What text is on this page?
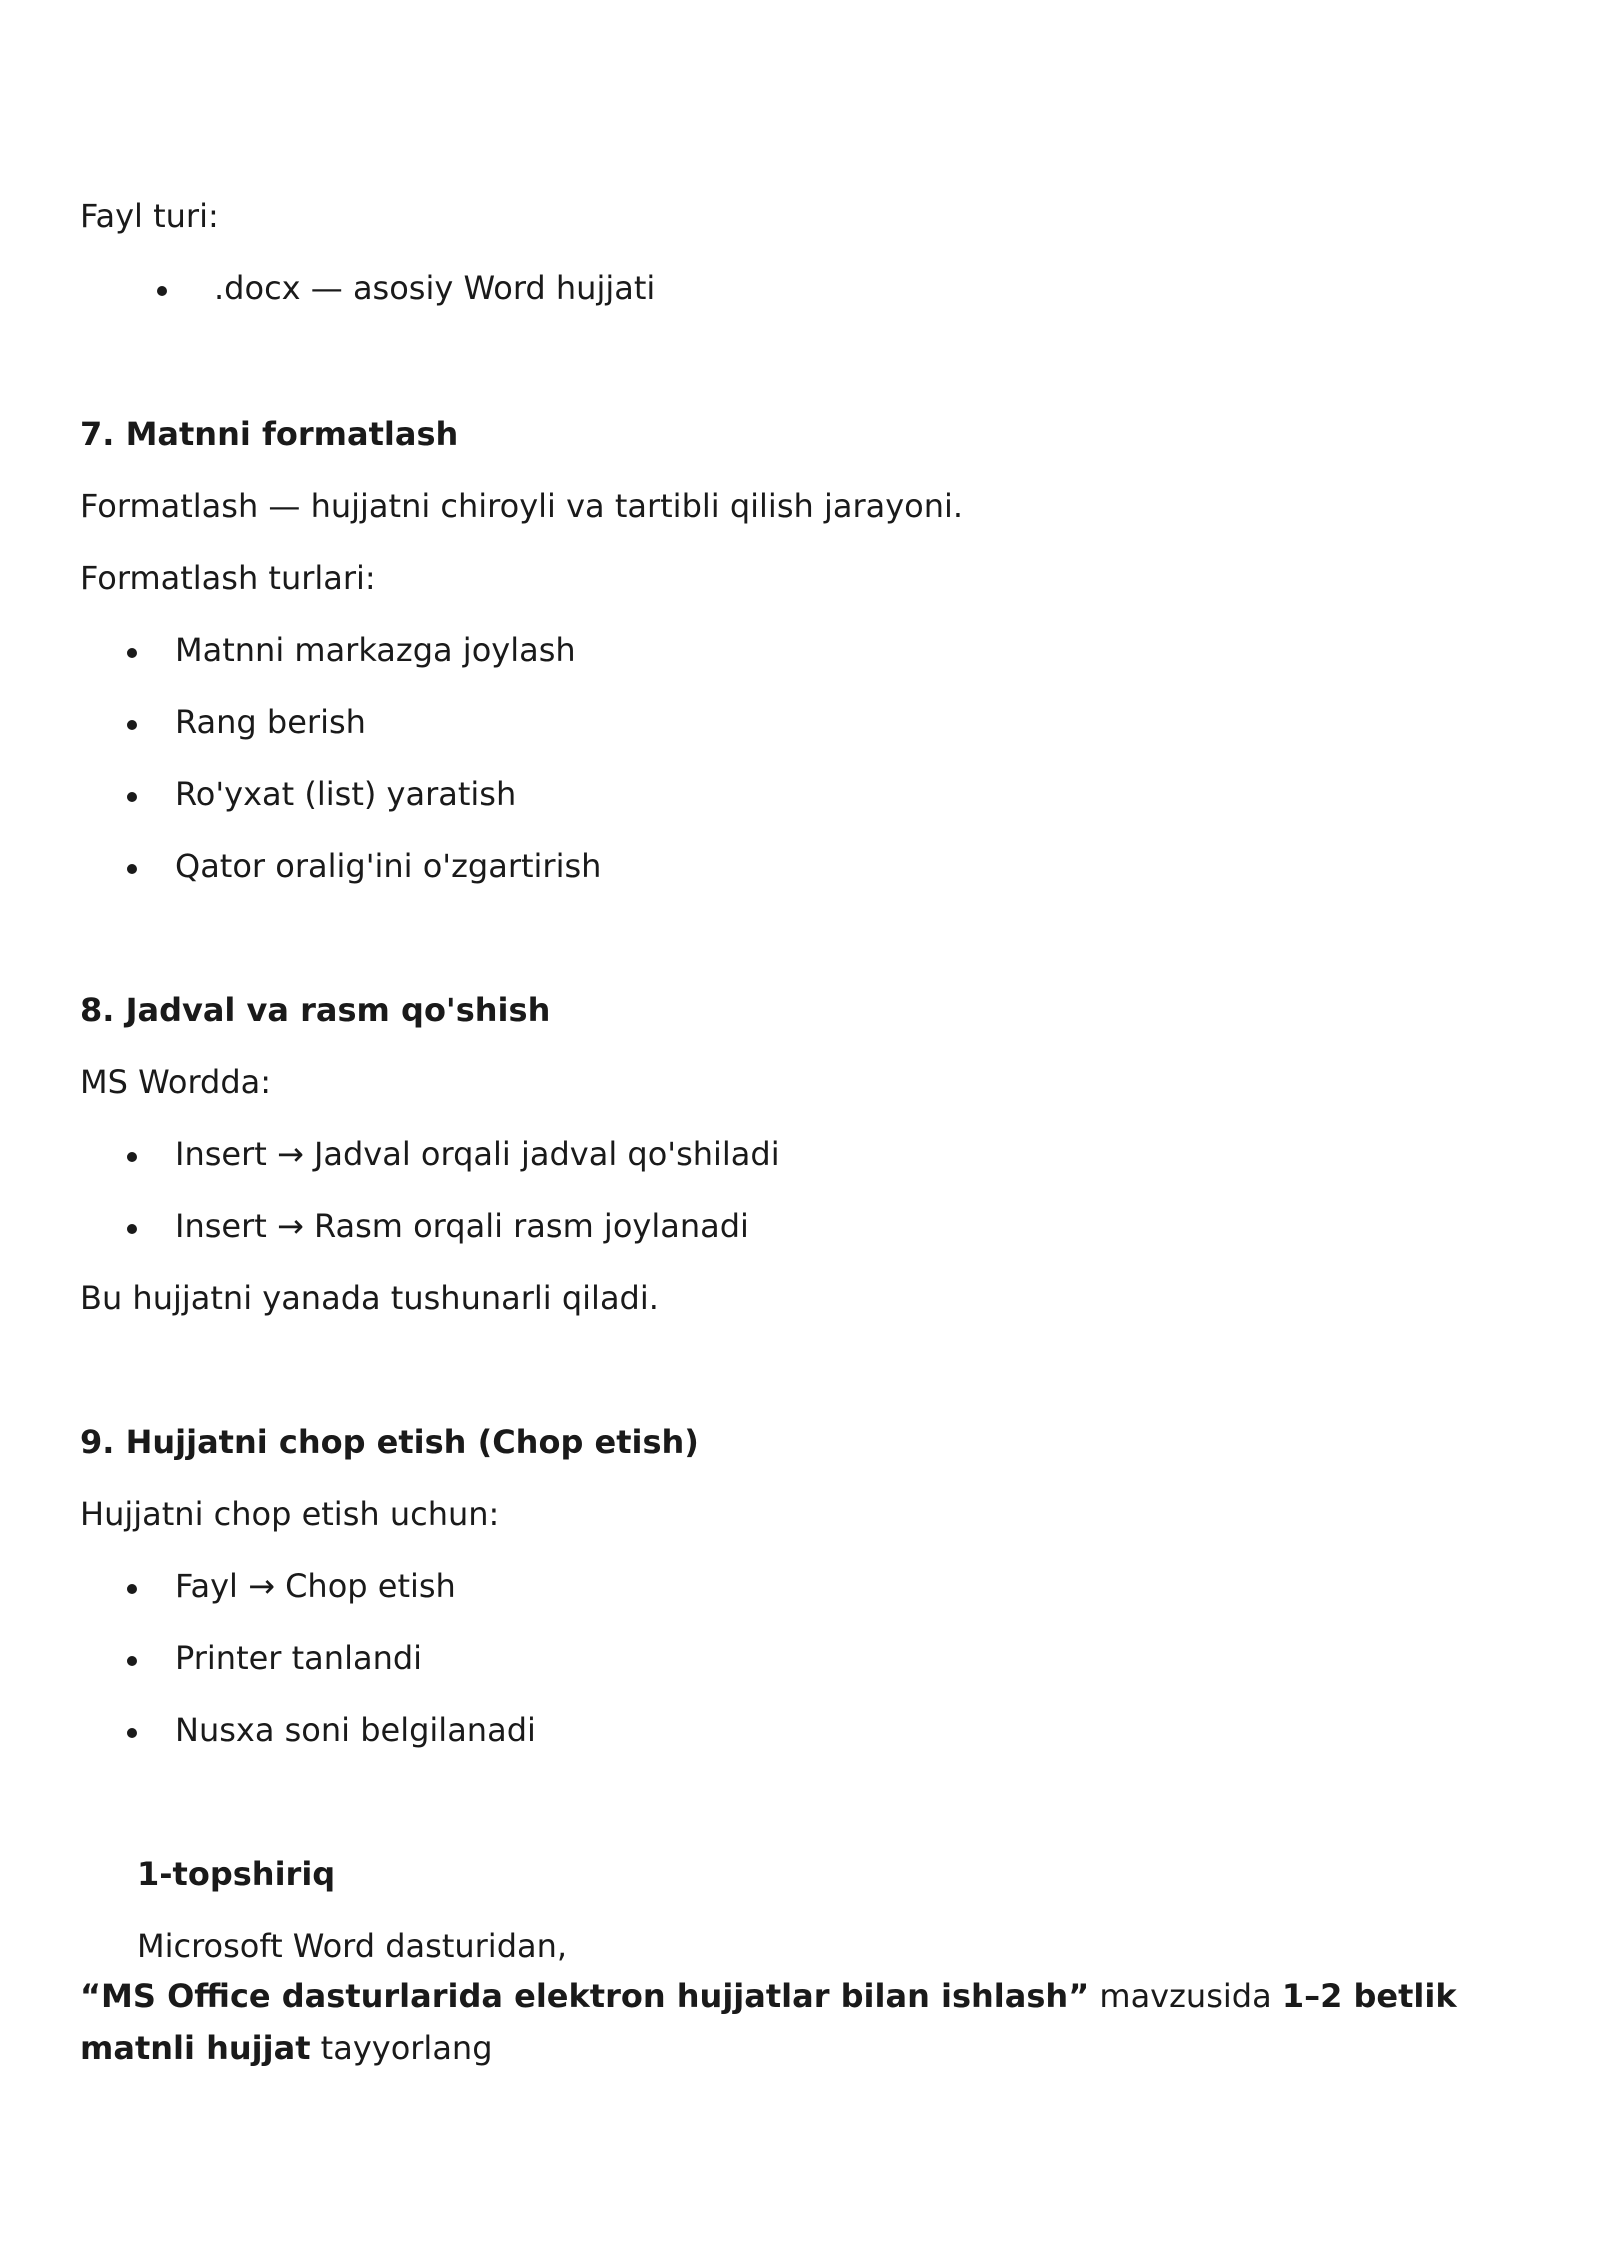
Fayl turi:
.docx — asosiy Word hujjati
7. Matnni formatlash
Formatlash — hujjatni chiroyli va tartibli qilish jarayoni.
Formatlash turlari:
Matnni markazga joylash
Rang berish
Ro'yxat (list) yaratish
Qator oralig'ini o'zgartirish
8. Jadval va rasm qo'shish
MS Wordda:
Insert → Jadval orqali jadval qo'shiladi
Insert → Rasm orqali rasm joylanadi
Bu hujjatni yanada tushunarli qiladi.
9. Hujjatni chop etish (Chop etish)
Hujjatni chop etish uchun:
Fayl → Chop etish
Printer tanlandi
Nusxa soni belgilanadi
1-topshiriq
Microsoft Word dasturidan,
“MS Office dasturlarida elektron hujjatlar bilan ishlash” mavzusida 1–2 betlik
matnli hujjat tayyorlang
